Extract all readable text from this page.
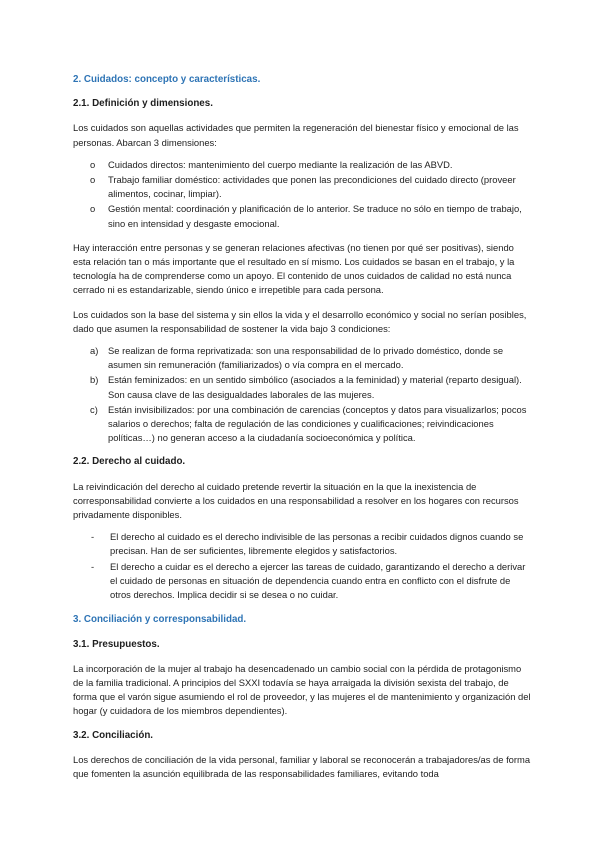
2. Cuidados: concepto y características.
2.1. Definición y dimensiones.
Los cuidados son aquellas actividades que permiten la regeneración del bienestar físico y emocional de las personas. Abarcan 3 dimensiones:
o Cuidados directos: mantenimiento del cuerpo mediante la realización de las ABVD.
o Trabajo familiar doméstico: actividades que ponen las precondiciones del cuidado directo (proveer alimentos, cocinar, limpiar).
o Gestión mental: coordinación y planificación de lo anterior. Se traduce no sólo en tiempo de trabajo, sino en intensidad y desgaste emocional.
Hay interacción entre personas y se generan relaciones afectivas (no tienen por qué ser positivas), siendo esta relación tan o más importante que el resultado en sí mismo. Los cuidados se basan en el trabajo, y la tecnología ha de comprenderse como un apoyo. El contenido de unos cuidados de calidad no está nunca cerrado ni es estandarizable, siendo único e irrepetible para cada persona.
Los cuidados son la base del sistema y sin ellos la vida y el desarrollo económico y social no serían posibles, dado que asumen la responsabilidad de sostener la vida bajo 3 condiciones:
a) Se realizan de forma reprivatizada: son una responsabilidad de lo privado doméstico, donde se asumen sin remuneración (familiarizados) o vía compra en el mercado.
b) Están feminizados: en un sentido simbólico (asociados a la feminidad) y material (reparto desigual). Son causa clave de las desigualdades laborales de las mujeres.
c) Están invisibilizados: por una combinación de carencias (conceptos y datos para visualizarlos; pocos salarios o derechos; falta de regulación de las condiciones y cualificaciones; reivindicaciones políticas…) no generan acceso a la ciudadanía socioeconómica y política.
2.2. Derecho al cuidado.
La reivindicación del derecho al cuidado pretende revertir la situación en la que la inexistencia de corresponsabilidad convierte a los cuidados en una responsabilidad a resolver en los hogares con recursos privadamente disponibles.
- El derecho al cuidado es el derecho indivisible de las personas a recibir cuidados dignos cuando se precisan. Han de ser suficientes, libremente elegidos y satisfactorios.
- El derecho a cuidar es el derecho a ejercer las tareas de cuidado, garantizando el derecho a derivar el cuidado de personas en situación de dependencia cuando entra en conflicto con el disfrute de otros derechos. Implica decidir si se desea o no cuidar.
3. Conciliación y corresponsabilidad.
3.1. Presupuestos.
La incorporación de la mujer al trabajo ha desencadenado un cambio social con la pérdida de protagonismo de la familia tradicional. A principios del SXXI todavía se haya arraigada la división sexista del trabajo, de forma que el varón sigue asumiendo el rol de proveedor, y las mujeres el de mantenimiento y organización del hogar (y cuidadora de los miembros dependientes).
3.2. Conciliación.
Los derechos de conciliación de la vida personal, familiar y laboral se reconocerán a trabajadores/as de forma que fomenten la asunción equilibrada de las responsabilidades familiares, evitando toda
